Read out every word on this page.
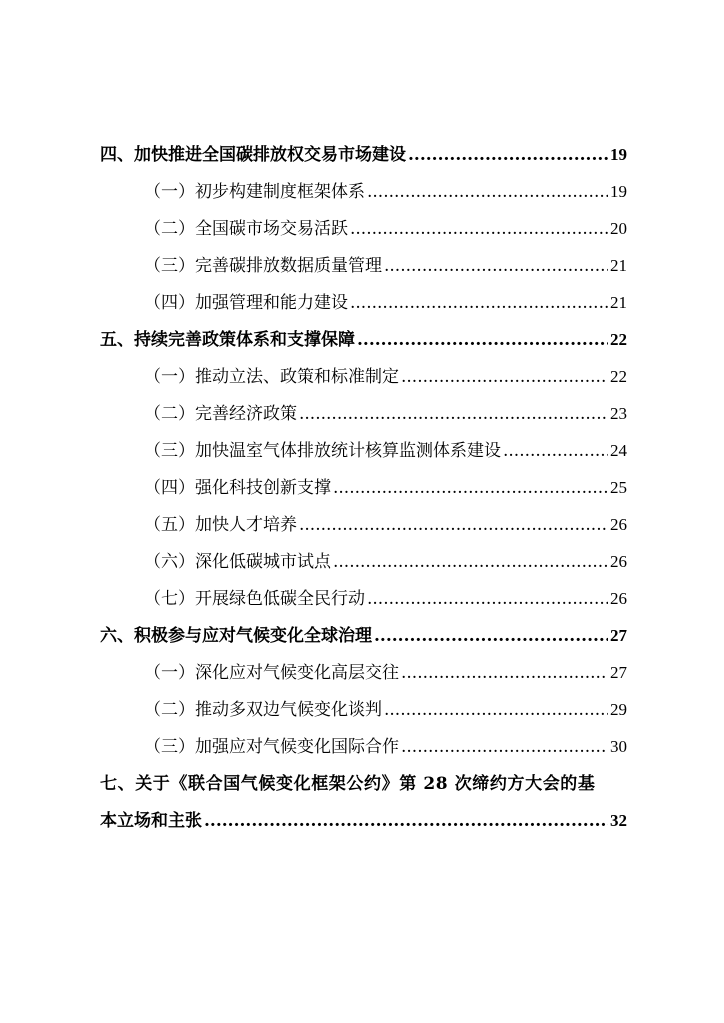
四、加快推进全国碳排放权交易市场建设 .....	19
（一）初步构建制度框架体系 .....	19
（二）全国碳市场交易活跃 .....	20
（三）完善碳排放数据质量管理 .....	21
（四）加强管理和能力建设 .....	21
五、持续完善政策体系和支撑保障 .....	22
（一）推动立法、政策和标准制定 .....	22
（二）完善经济政策 .....	23
（三）加快温室气体排放统计核算监测体系建设 .....	24
（四）强化科技创新支撑 .....	25
（五）加快人才培养 .....	26
（六）深化低碳城市试点 .....	26
（七）开展绿色低碳全民行动 .....	26
六、积极参与应对气候变化全球治理 .....	27
（一）深化应对气候变化高层交往 .....	27
（二）推动多双边气候变化谈判 .....	29
（三）加强应对气候变化国际合作 .....	30
七、关于《联合国气候变化框架公约》第 28 次缔约方大会的基
本立场和主张 .....	32
